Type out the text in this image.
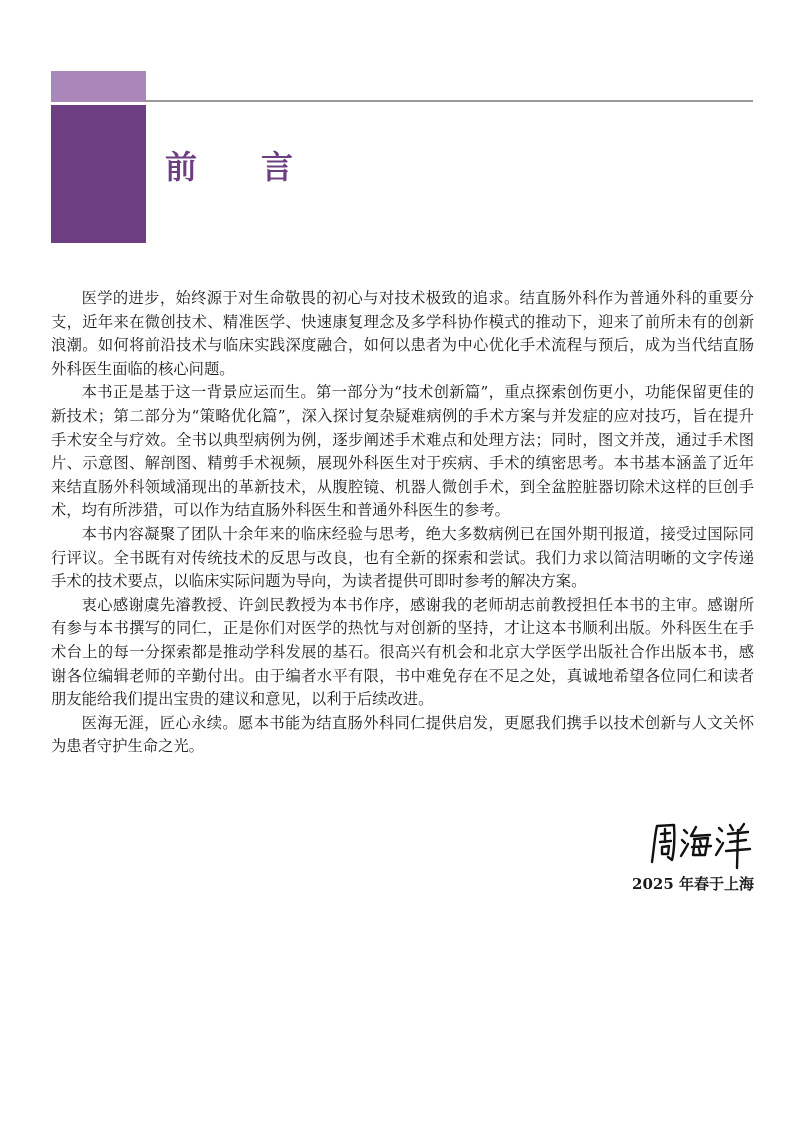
前言

医学的进步，始终源于对生命敬畏的初心与对技术极致的追求。结直肠外科作为普通外科的重要分支，近年来在微创技术、精准医学、快速康复理念及多学科协作模式的推动下，迎来了前所未有的创新浪潮。如何将前沿技术与临床实践深度融合，如何以患者为中心优化手术流程与预后，成为当代结直肠外科医生面临的核心问题。

本书正是基于这一背景应运而生。第一部分为“技术创新篇”，重点探索创伤更小，功能保留更佳的新技术；第二部分为“策略优化篇”，深入探讨复杂疑难病例的手术方案与并发症的应对技巧，旨在提升手术安全与疗效。全书以典型病例为例，逐步阐述手术难点和处理方法；同时，图文并茂，通过手术图片、示意图、解剖图、精剪手术视频，展现外科医生对于疾病、手术的缜密思考。本书基本涵盖了近年来结直肠外科领域涌现出的革新技术，从腹腔镜、机器人微创手术，到全盆腔脏器切除术这样的巨创手术，均有所涉猎，可以作为结直肠外科医生和普通外科医生的参考。

本书内容凝聚了团队十余年来的临床经验与思考，绝大多数病例已在国外期刊报道，接受过国际同行评议。全书既有对传统技术的反思与改良，也有全新的探索和尝试。我们力求以简洁明晰的文字传递手术的技术要点，以临床实际问题为导向，为读者提供可即时参考的解决方案。

衷心感谢虞先濬教授、许剑民教授为本书作序，感谢我的老师胡志前教授担任本书的主审。感谢所有参与本书撰写的同仁，正是你们对医学的热忱与对创新的坚持，才让这本书顺利出版。外科医生在手术台上的每一分探索都是推动学科发展的基石。很高兴有机会和北京大学医学出版社合作出版本书，感谢各位编辑老师的辛勤付出。由于编者水平有限，书中难免存在不足之处，真诚地希望各位同仁和读者朋友能给我们提出宝贵的建议和意见，以利于后续改进。

医海无涯，匠心永续。愿本书能为结直肠外科同仁提供启发，更愿我们携手以技术创新与人文关怀为患者守护生命之光。

2025 年春于上海
